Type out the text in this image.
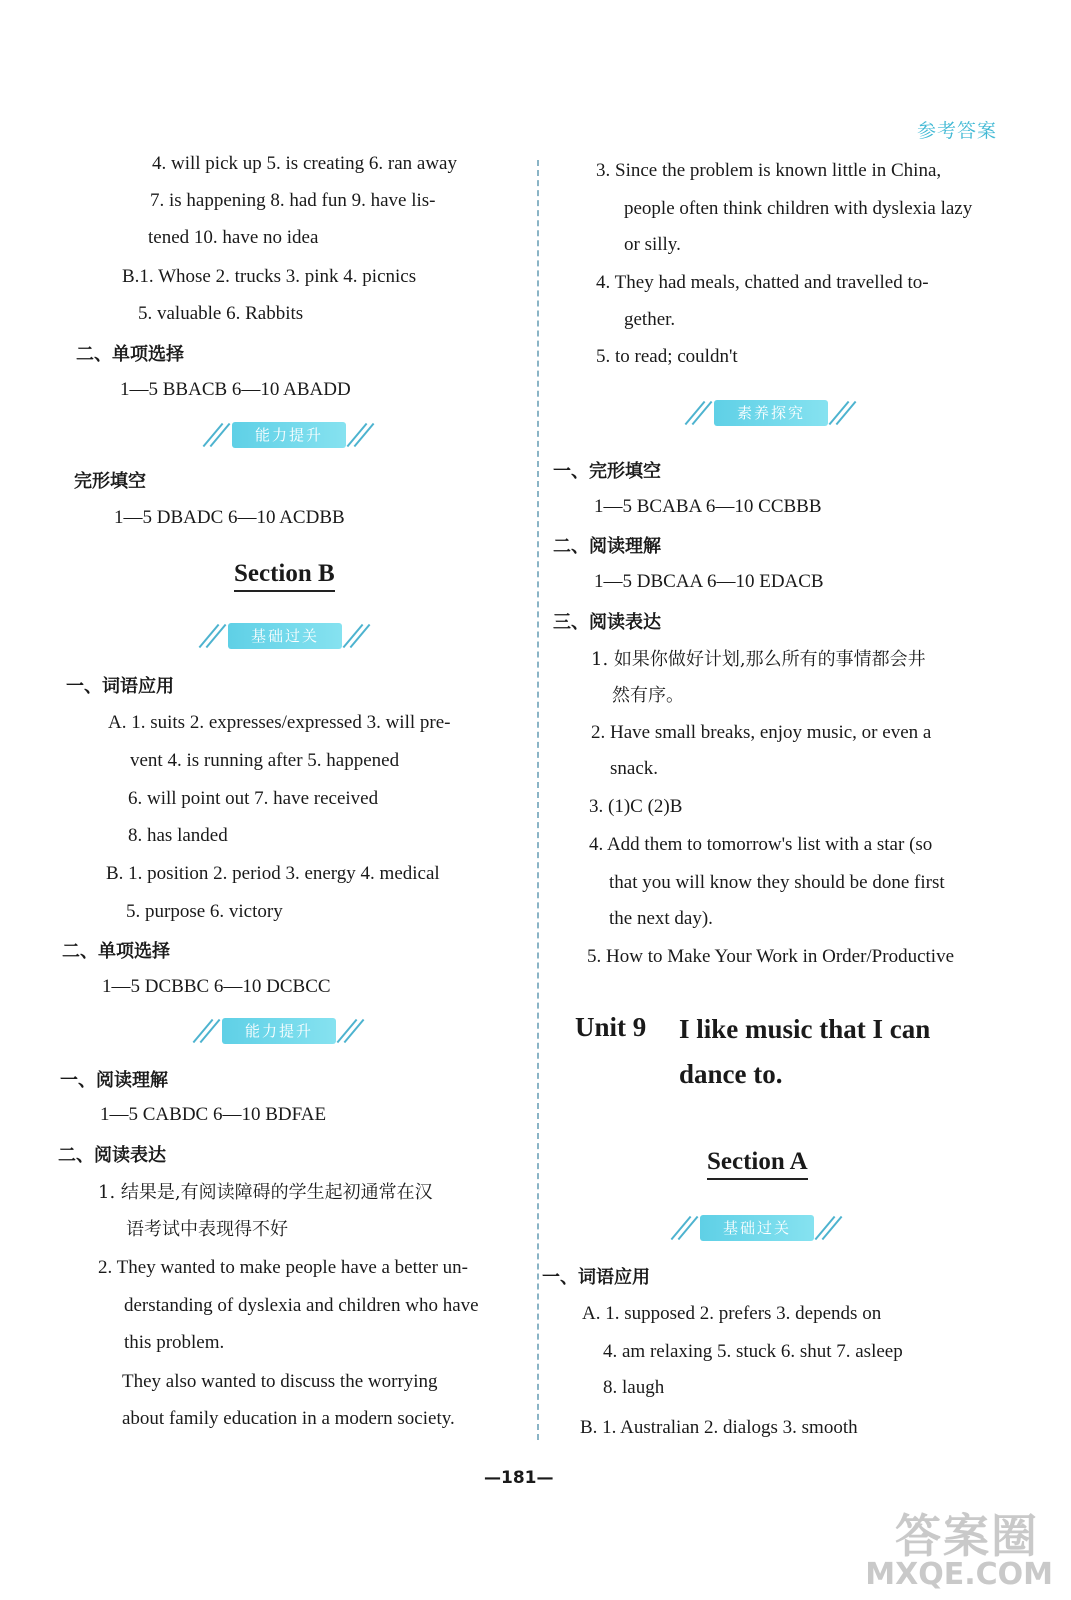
参考答案
4. will pick up 5. is creating 6. ran away
7. is happening 8. had fun 9. have lis-
tened 10. have no idea
B.1. Whose 2. trucks 3. pink 4. picnics
5. valuable 6. Rabbits
二、单项选择
1—5 BBACB 6—10 ABADD
能力提升
完形填空
1—5 DBADC 6—10 ACDBB
Section B
基础过关
一、词语应用
A. 1. suits 2. expresses/expressed 3. will pre-
vent 4. is running after 5. happened
6. will point out 7. have received
8. has landed
B. 1. position 2. period 3. energy 4. medical
5. purpose 6. victory
二、单项选择
1—5 DCBBC 6—10 DCBCC
能力提升
一、阅读理解
1—5 CABDC 6—10 BDFAE
二、阅读表达
1. 结果是,有阅读障碍的学生起初通常在汉
语考试中表现得不好
2. They wanted to make people have a better un-
derstanding of dyslexia and children who have
this problem.
They also wanted to discuss the worrying
about family education in a modern society.
3. Since the problem is known little in China,
people often think children with dyslexia lazy
or silly.
4. They had meals, chatted and travelled to-
gether.
5. to read; couldn't
素养探究
一、完形填空
1—5 BCABA 6—10 CCBBB
二、阅读理解
1—5 DBCAA 6—10 EDACB
三、阅读表达
1. 如果你做好计划,那么所有的事情都会井
然有序。
2. Have small breaks, enjoy music, or even a
snack.
3. (1)C (2)B
4. Add them to tomorrow's list with a star (so
that you will know they should be done first
the next day).
5. How to Make Your Work in Order/Productive
Unit 9 I like music that I can
dance to.
Section A
基础过关
一、词语应用
A. 1. supposed 2. prefers 3. depends on
4. am relaxing 5. stuck 6. shut 7. asleep
8. laugh
B. 1. Australian 2. dialogs 3. smooth
—181—
答案圈
MXQE.COM
